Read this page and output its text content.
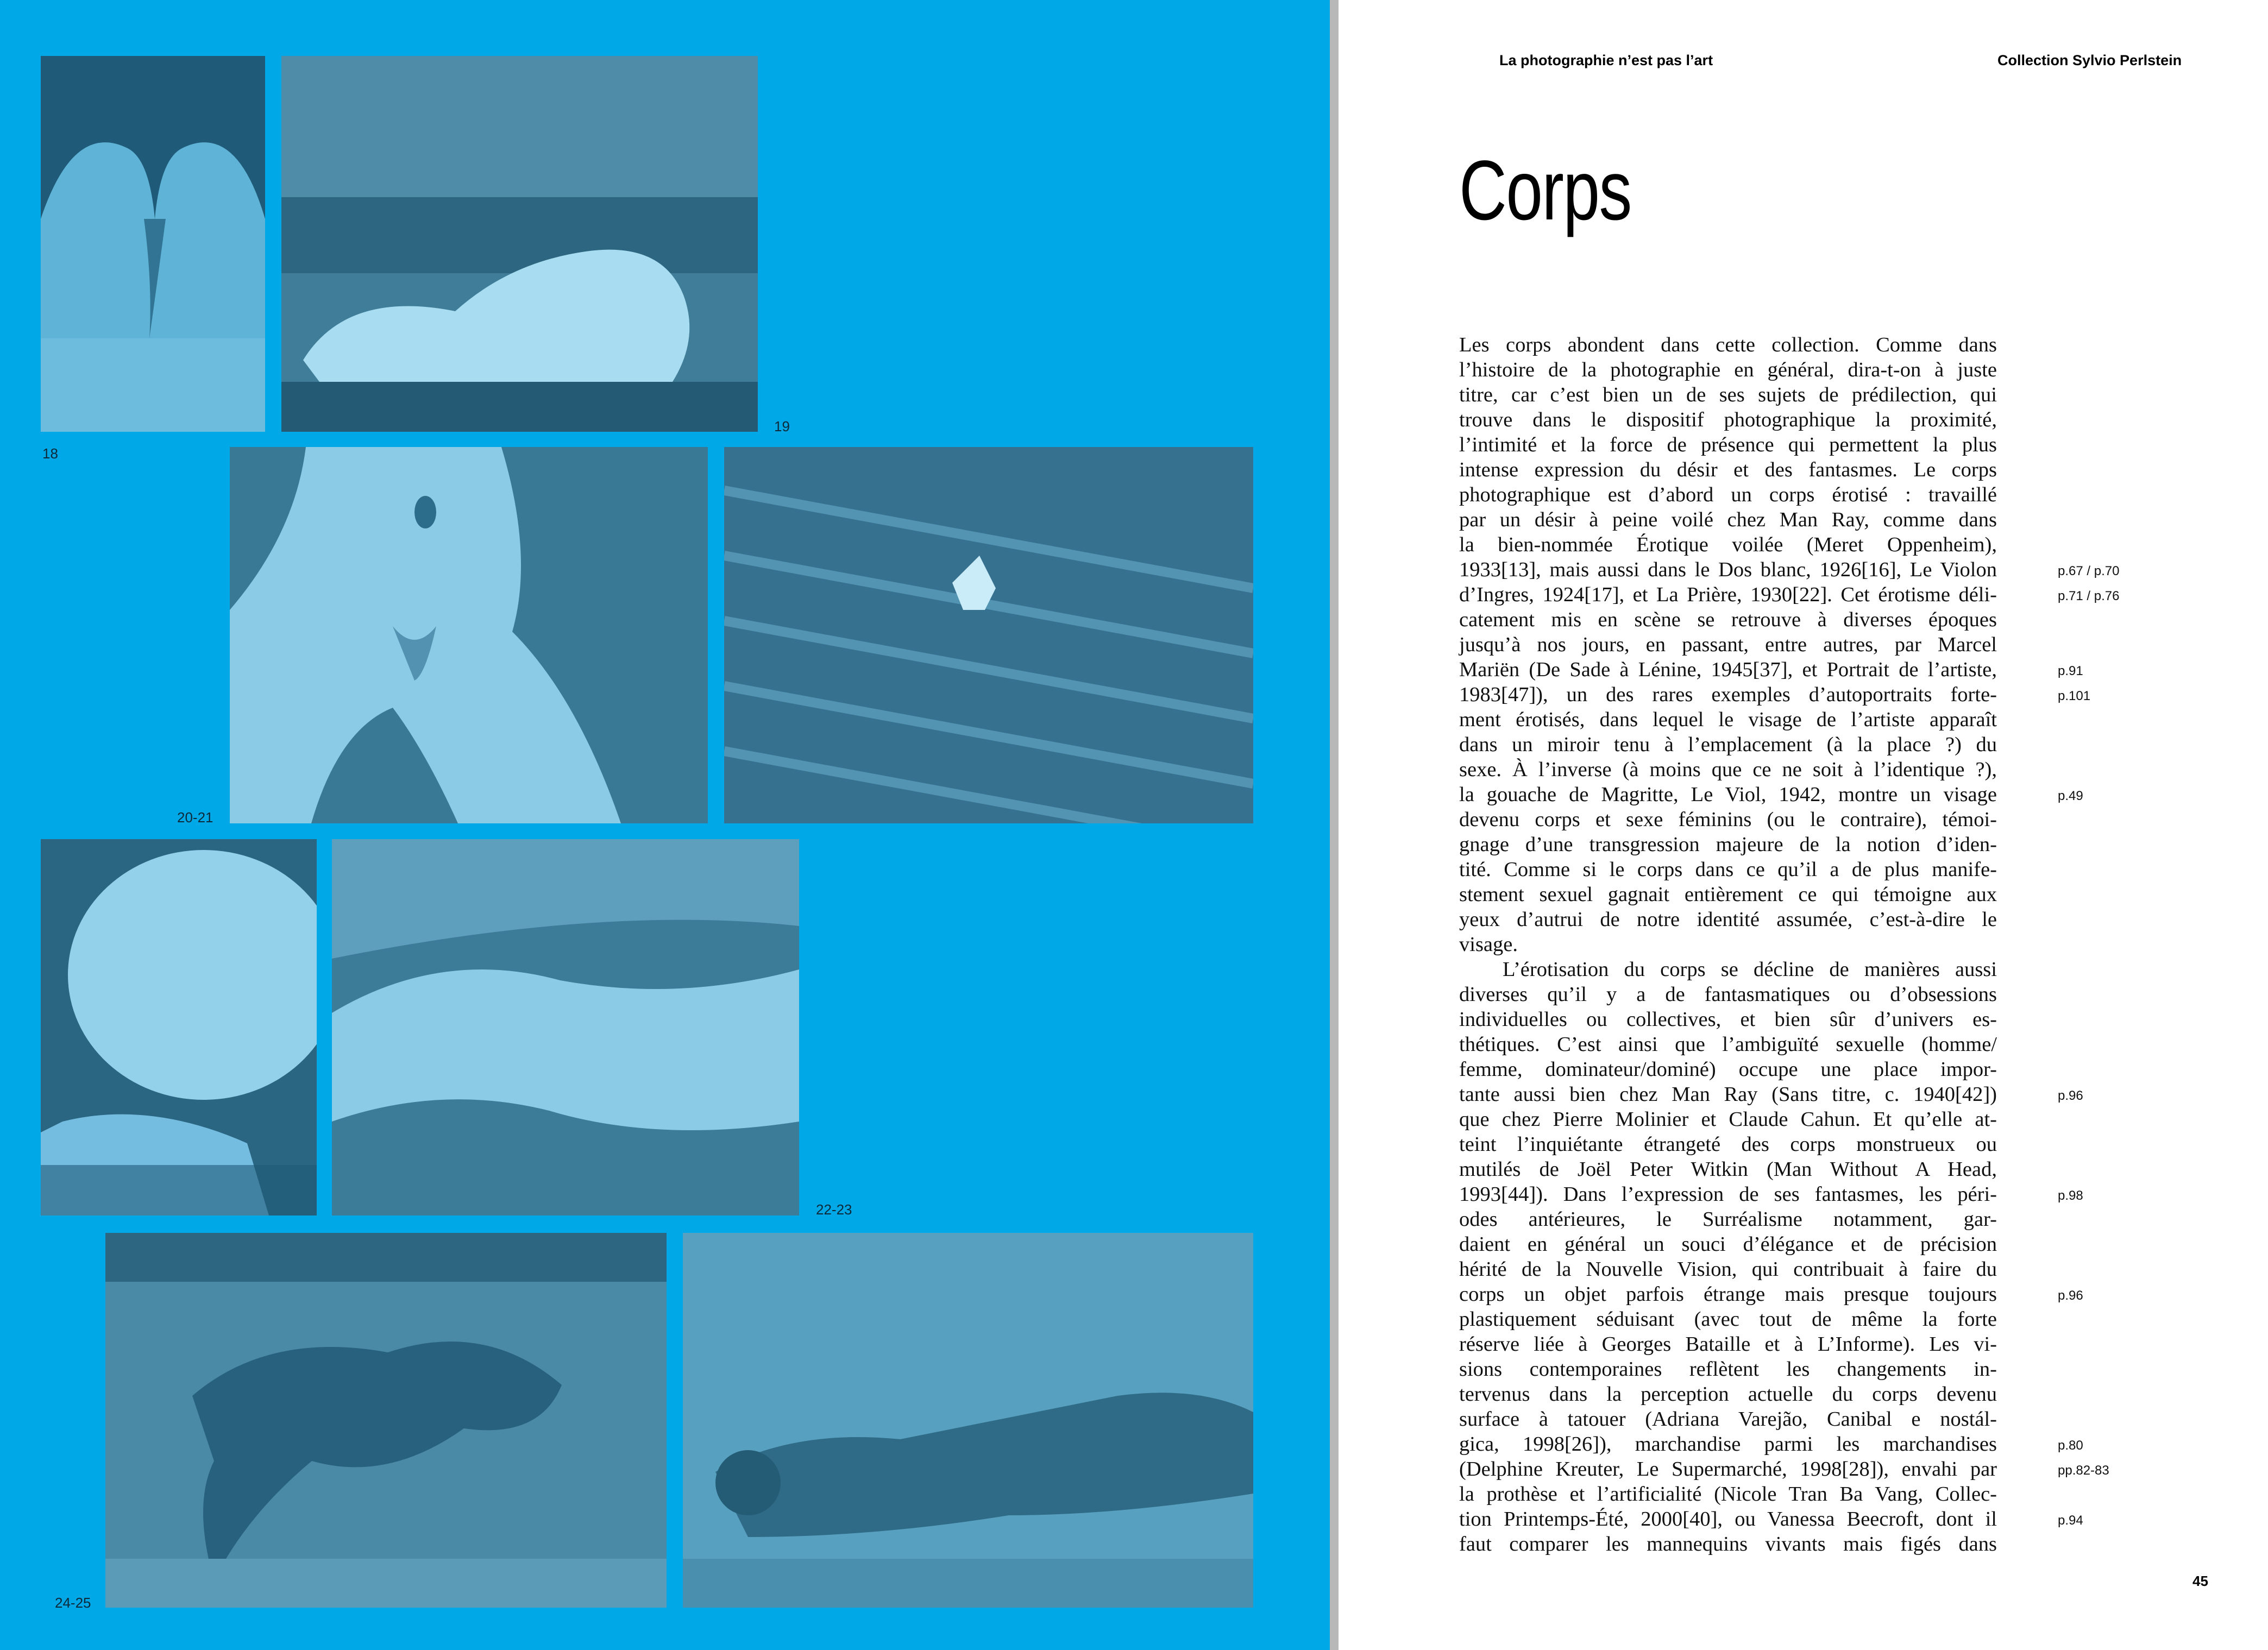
18
19
20-21
22-23
24-25
La photographie n’est pas l’art	Collection Sylvio Perlstein
Corps
Les corps abondent dans cette collection. Comme dans
l’histoire de la photographie en général, dira-t-on à juste
titre, car c’est bien un de ses sujets de prédilection, qui
trouve dans le dispositif photographique la proximité,
l’intimité et la force de présence qui permettent la plus
intense expression du désir et des fantasmes. Le corps
photographique est d’abord un corps érotisé : travaillé
par un désir à peine voilé chez Man Ray, comme dans
la bien-nommée Érotique voilée (Meret Oppenheim),
1933[13], mais aussi dans le Dos blanc, 1926[16], Le Violon
d’Ingres, 1924[17], et La Prière, 1930[22]. Cet érotisme déli-
catement mis en scène se retrouve à diverses époques
jusqu’à nos jours, en passant, entre autres, par Marcel
Mariën (De Sade à Lénine, 1945[37], et Portrait de l’artiste,
1983[47]), un des rares exemples d’autoportraits forte-
ment érotisés, dans lequel le visage de l’artiste apparaît
dans un miroir tenu à l’emplacement (à la place ?) du
sexe. À l’inverse (à moins que ce ne soit à l’identique ?),
la gouache de Magritte, Le Viol, 1942, montre un visage
devenu corps et sexe féminins (ou le contraire), témoi-
gnage d’une transgression majeure de la notion d’iden-
tité. Comme si le corps dans ce qu’il a de plus manife-
stement sexuel gagnait entièrement ce qui témoigne aux
yeux d’autrui de notre identité assumée, c’est-à-dire le
visage.
L’érotisation du corps se décline de manières aussi
diverses qu’il y a de fantasmatiques ou d’obsessions
individuelles ou collectives, et bien sûr d’univers es-
thétiques. C’est ainsi que l’ambiguïté sexuelle (homme/
femme, dominateur/dominé) occupe une place impor-
tante aussi bien chez Man Ray (Sans titre, c. 1940[42])
que chez Pierre Molinier et Claude Cahun. Et qu’elle at-
teint l’inquiétante étrangeté des corps monstrueux ou
mutilés de Joël Peter Witkin (Man Without A Head,
1993[44]). Dans l’expression de ses fantasmes, les péri-
odes antérieures, le Surréalisme notamment, gar-
daient en général un souci d’élégance et de précision
hérité de la Nouvelle Vision, qui contribuait à faire du
corps un objet parfois étrange mais presque toujours
plastiquement séduisant (avec tout de même la forte
réserve liée à Georges Bataille et à L’Informe). Les vi-
sions contemporaines reflètent les changements in-
tervenus dans la perception actuelle du corps devenu
surface à tatouer (Adriana Varejão, Canibal e nostál-
gica, 1998[26]), marchandise parmi les marchandises
(Delphine Kreuter, Le Supermarché, 1998[28]), envahi par
la prothèse et l’artificialité (Nicole Tran Ba Vang, Collec-
tion Printemps-Été, 2000[40], ou Vanessa Beecroft, dont il
faut comparer les mannequins vivants mais figés dans
p.67 / p.70
p.71 / p.76
p.91
p.101
p.49
p.96
p.98
p.96
p.80
pp.82-83
p.94
45
